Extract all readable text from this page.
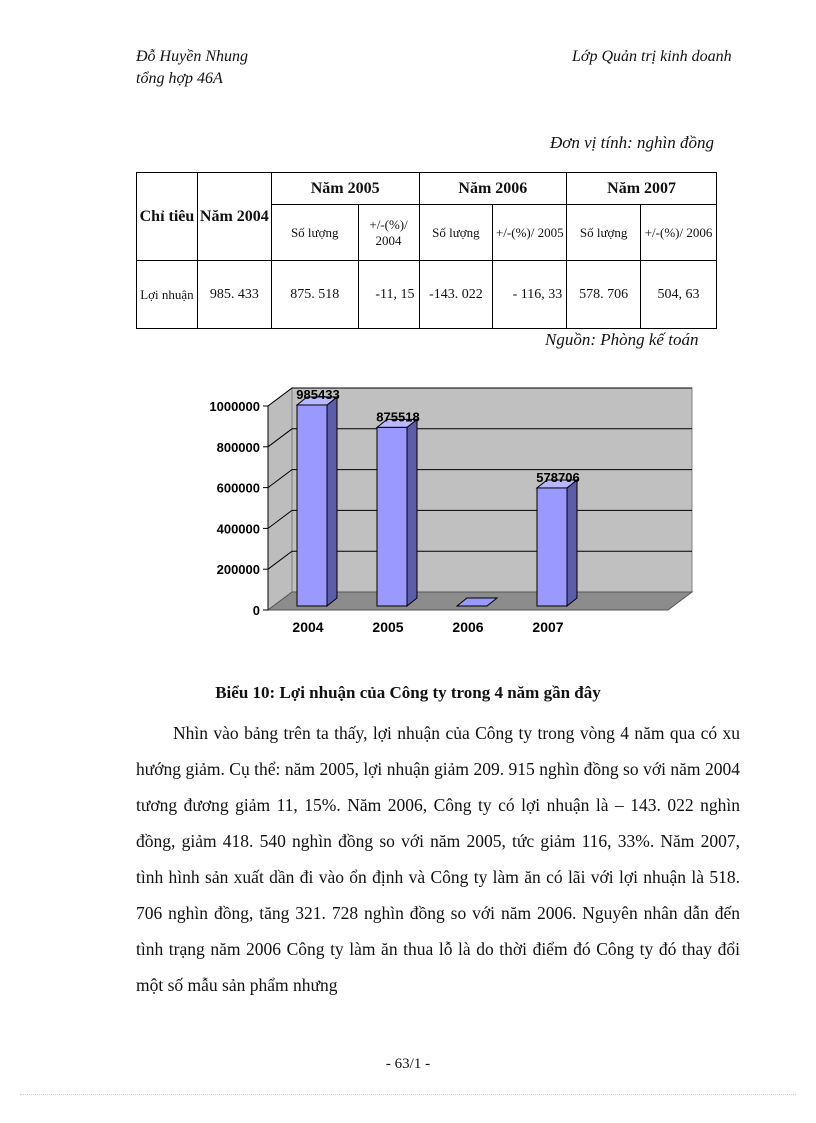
Đỗ Huyền Nhung
tổng hợp 46A
Lớp Quản trị kinh doanh
Đơn vị tính: nghìn đồng
Chỉ tiêu	Năm 2004	Năm 2005		Năm 2006		Năm 2007	
		Số lượng	+/-(%)/ 2004	Số lượng	+/-(%)/ 2005	Số lượng	+/-(%)/ 2006
Lợi nhuận	985. 433	875. 518	-11, 15	-143. 022	- 116, 33	578. 706	504, 63
Nguồn: Phòng kế toán
0
200000
400000
600000
800000
1000000
985433
2004
875518
2005	2006
578706
2007
Biểu 10: Lợi nhuận của Công ty trong 4 năm gần đây

Nhìn vào bảng trên ta thấy, lợi nhuận của Công ty trong vòng 4 năm qua có xu hướng giảm. Cụ thể: năm 2005, lợi nhuận giảm 209. 915 nghìn đồng so với năm 2004 tương đương giảm 11, 15%. Năm 2006, Công ty có lợi nhuận là – 143. 022 nghìn đồng, giảm 418. 540 nghìn đồng so với năm 2005, tức giảm 116, 33%. Năm 2007, tình hình sản xuất dần đi vào ổn định và Công ty làm ăn có lãi với lợi nhuận là 518. 706 nghìn đồng, tăng 321. 728 nghìn đồng so với năm 2006. Nguyên nhân dẫn đến tình trạng năm 2006 Công ty làm ăn thua lỗ là do thời điểm đó Công ty đó thay đổi một số mẫu sản phẩm nhưng

- 63/1 -
